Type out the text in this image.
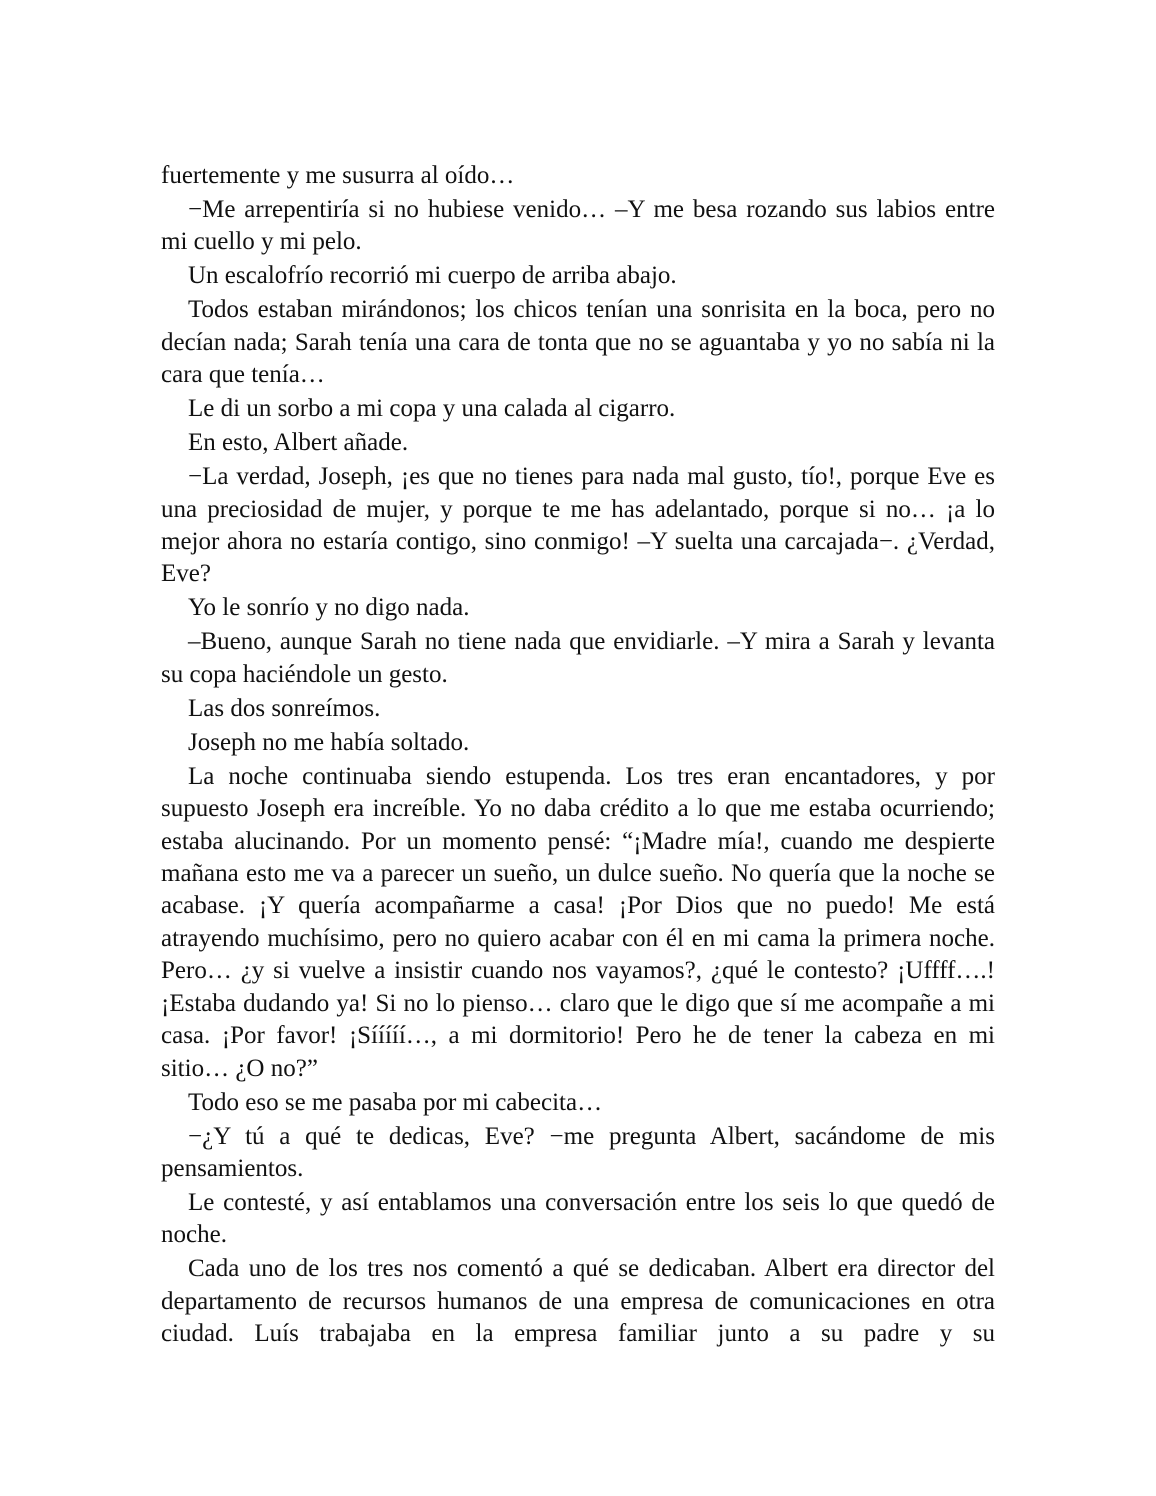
fuertemente y me susurra al oído…

−Me arrepentiría si no hubiese venido… –Y me besa rozando sus labios entre mi cuello y mi pelo.

Un escalofrío recorrió mi cuerpo de arriba abajo.

Todos estaban mirándonos; los chicos tenían una sonrisita en la boca, pero no decían nada; Sarah tenía una cara de tonta que no se aguantaba y yo no sabía ni la cara que tenía…

Le di un sorbo a mi copa y una calada al cigarro.

En esto, Albert añade.

−La verdad, Joseph, ¡es que no tienes para nada mal gusto, tío!, porque Eve es una preciosidad de mujer, y porque te me has adelantado, porque si no… ¡a lo mejor ahora no estaría contigo, sino conmigo! –Y suelta una carcajada−. ¿Verdad, Eve?

Yo le sonrío y no digo nada.

–Bueno, aunque Sarah no tiene nada que envidiarle. –Y mira a Sarah y levanta su copa haciéndole un gesto.

Las dos sonreímos.

Joseph no me había soltado.

La noche continuaba siendo estupenda. Los tres eran encantadores, y por supuesto Joseph era increíble. Yo no daba crédito a lo que me estaba ocurriendo; estaba alucinando. Por un momento pensé: “¡Madre mía!, cuando me despierte mañana esto me va a parecer un sueño, un dulce sueño. No quería que la noche se acabase. ¡Y quería acompañarme a casa! ¡Por Dios que no puedo! Me está atrayendo muchísimo, pero no quiero acabar con él en mi cama la primera noche. Pero… ¿y si vuelve a insistir cuando nos vayamos?, ¿qué le contesto? ¡Uffff….! ¡Estaba dudando ya! Si no lo pienso… claro que le digo que sí me acompañe a mi casa. ¡Por favor! ¡Sííííí…, a mi dormitorio! Pero he de tener la cabeza en mi sitio… ¿O no?”

Todo eso se me pasaba por mi cabecita…

−¿Y tú a qué te dedicas, Eve? −me pregunta Albert, sacándome de mis pensamientos.

Le contesté, y así entablamos una conversación entre los seis lo que quedó de noche.

Cada uno de los tres nos comentó a qué se dedicaban. Albert era director del departamento de recursos humanos de una empresa de comunicaciones en otra ciudad. Luís trabajaba en la empresa familiar junto a su padre y su
